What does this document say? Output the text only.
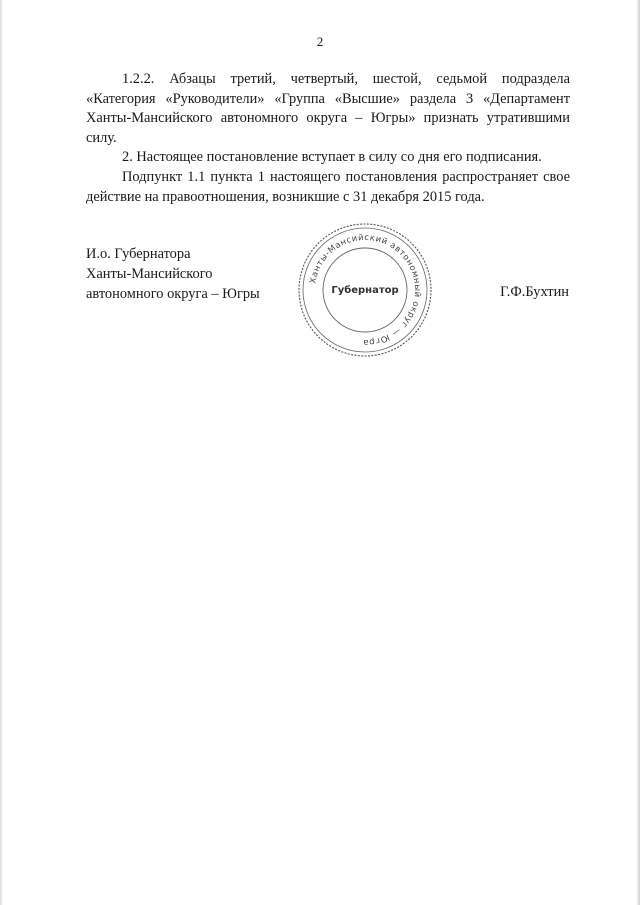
2

1.2.2. Абзацы третий, четвертый, шестой, седьмой подраздела «Категория «Руководители» «Группа «Высшие» раздела 3 «Департамент Ханты-Мансийского автономного округа – Югры» признать утратившими силу.

2. Настоящее постановление вступает в силу со дня его подписания.

Подпункт 1.1 пункта 1 настоящего постановления распространяет свое действие на правоотношения, возникшие с 31 декабря 2015 года.

И.о. Губернатора
Ханты-Мансийского
автономного округа – Югры	Г.Ф.Бухтин
Ханты-Мансийский автономный округ — Югра
Губернатор
